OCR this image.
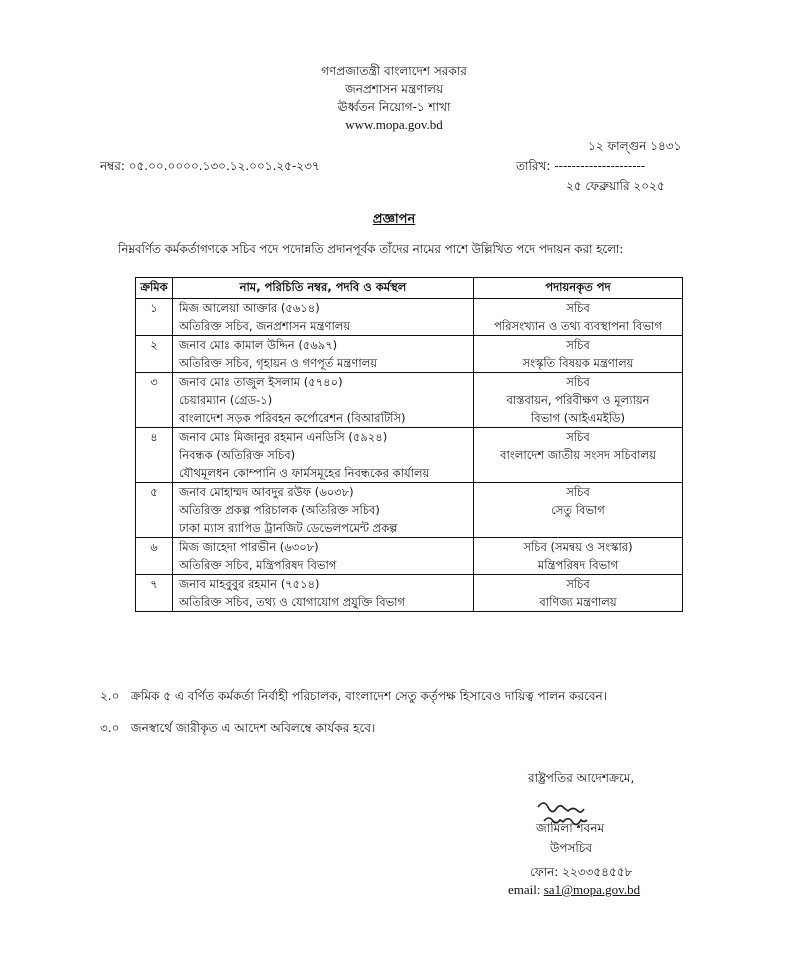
গণপ্রজাতন্ত্রী বাংলাদেশ সরকার
জনপ্রশাসন মন্ত্রণালয়
ঊর্ধ্বতন নিয়োগ-১ শাখা
www.mopa.gov.bd
১২ ফাল্গুন ১৪৩১
নম্বর: ০৫.০০.০০০০.১৩০.১২.০০১.২৫-২৩৭	তারিখ: ---------------------
২৫ ফেব্রুয়ারি ২০২৫
প্রজ্ঞাপন
নিম্নবর্ণিত কর্মকর্তাগণকে সচিব পদে পদোন্নতি প্রদানপূর্বক তাঁদের নামের পাশে উল্লিখিত পদে পদায়ন করা হলো:
ক্রমিক	নাম, পরিচিতি নম্বর, পদবি ও কর্মস্থল	পদায়নকৃত পদ
১	মিজ আলেয়া আক্তার (৫৬১৪)
অতিরিক্ত সচিব, জনপ্রশাসন মন্ত্রণালয়	সচিব
পরিসংখ্যান ও তথ্য ব্যবস্থাপনা বিভাগ

২	জনাব মোঃ কামাল উদ্দিন (৫৬৯৭)
অতিরিক্ত সচিব, গৃহায়ন ও গণপূর্ত মন্ত্রণালয়	সচিব
সংস্কৃতি বিষয়ক মন্ত্রণালয়

৩	জনাব মোঃ তাজুল ইসলাম (৫৭৪০)
চেয়ারম্যান (গ্রেড-১)
বাংলাদেশ সড়ক পরিবহন কর্পোরেশন (বিআরটিসি)	সচিব
বাস্তবায়ন, পরিবীক্ষণ ও মূল্যায়ন
বিভাগ (আইএমইডি)

৪	জনাব মোঃ মিজানুর রহমান এনডিসি (৫৯২৪)
নিবন্ধক (অতিরিক্ত সচিব)
যৌথমূলধন কোম্পানি ও ফার্মসমূহের নিবন্ধকের কার্যালয়	সচিব
বাংলাদেশ জাতীয় সংসদ সচিবালয়

৫	জনাব মোহাম্মদ আবদুর রউফ (৬০৩৮)
অতিরিক্ত প্রকল্প পরিচালক (অতিরিক্ত সচিব)
ঢাকা ম্যাস র‍্যাপিড ট্রানজিট ডেভেলপমেন্ট প্রকল্প	সচিব
সেতু বিভাগ

৬	মিজ জাহেদা পারভীন (৬৩০৮)
অতিরিক্ত সচিব, মন্ত্রিপরিষদ বিভাগ	সচিব (সমন্বয় ও সংস্কার)
মন্ত্রিপরিষদ বিভাগ

৭	জনাব মাহবুবুর রহমান (৭৫১৪)
অতিরিক্ত সচিব, তথ্য ও যোগাযোগ প্রযুক্তি বিভাগ	সচিব
বাণিজ্য মন্ত্রণালয়
২.০ ক্রমিক ৫ এ বর্ণিত কর্মকর্তা নির্বাহী পরিচালক, বাংলাদেশ সেতু কর্তৃপক্ষ হিসাবেও দায়িত্ব পালন করবেন।
৩.০ জনস্বার্থে জারীকৃত এ আদেশ অবিলম্বে কার্যকর হবে।
রাষ্ট্রপতির আদেশক্রমে,
জামিলা শবনম
উপসচিব
ফোন: ২২৩৩৫৪৫৫৮
email: sa1@mopa.gov.bd
